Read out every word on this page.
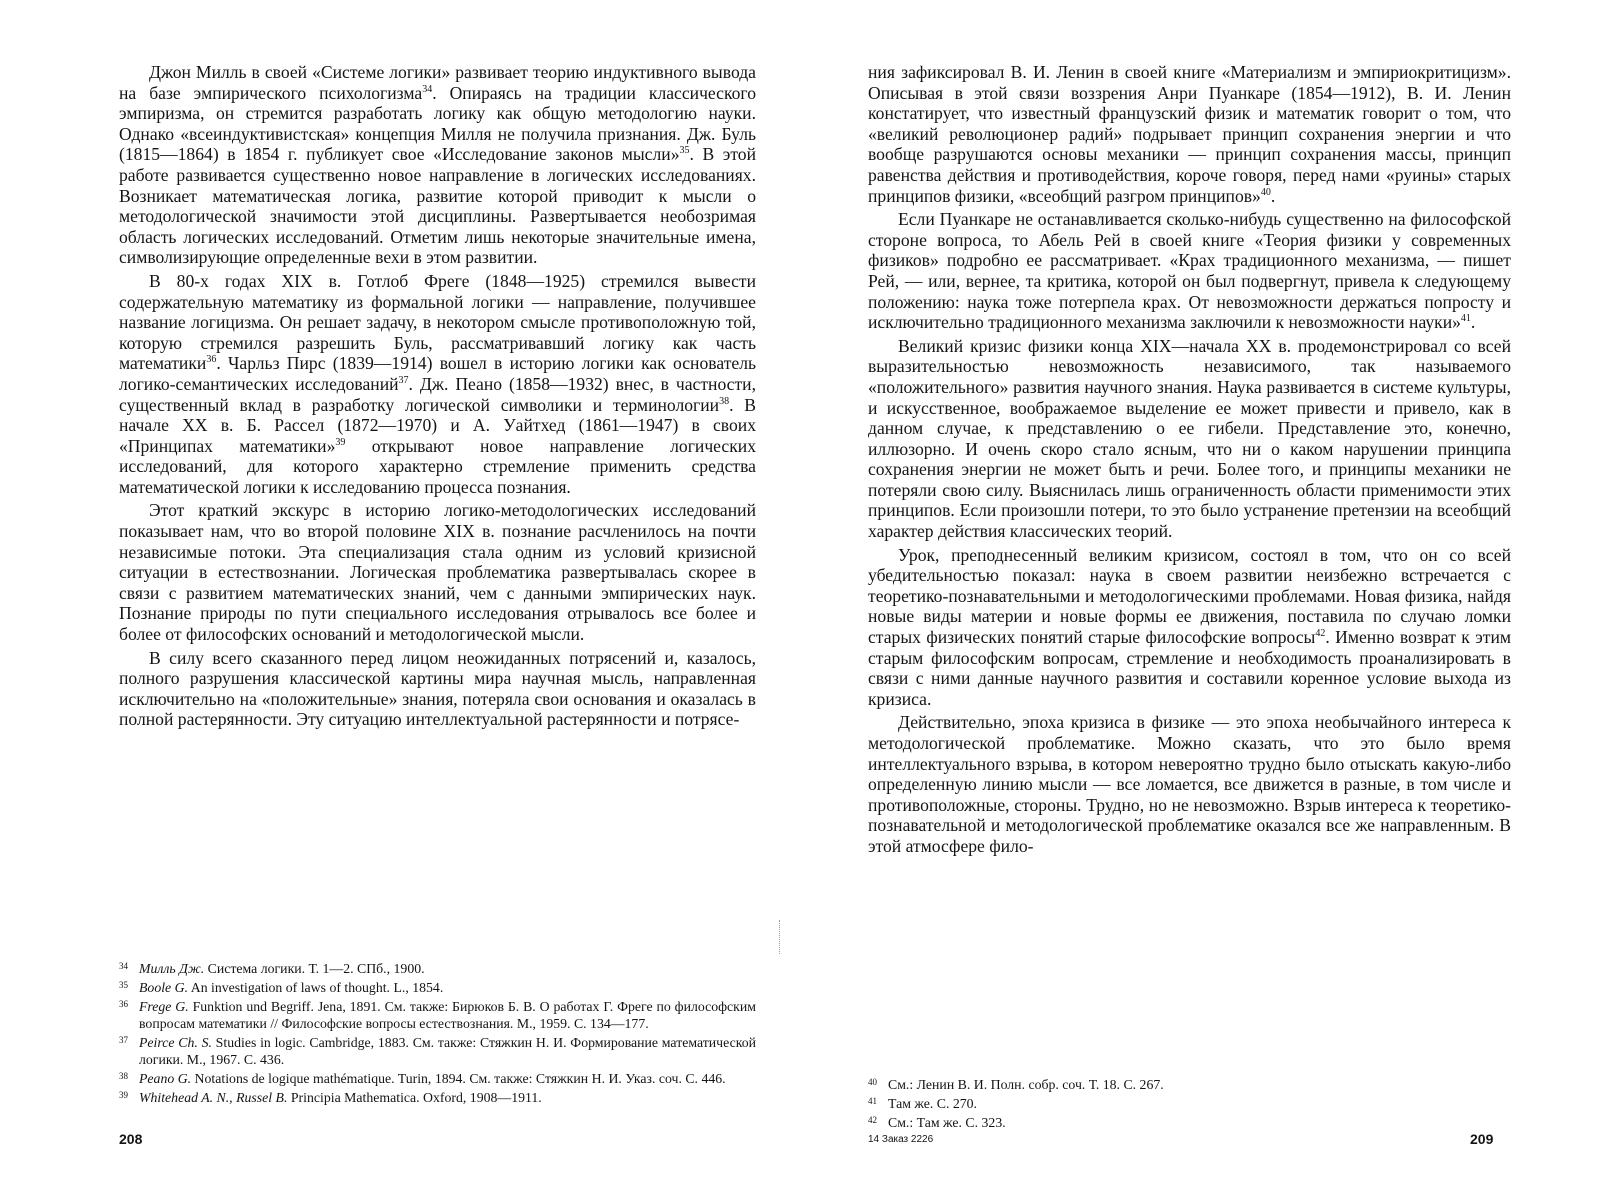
Джон Милль в своей «Системе логики» развивает теорию индуктивного вывода на базе эмпирического психологизма$^{34}$. Опираясь на традиции классического эмпиризма, он стремится разработать логику как общую методологию науки. Однако «всеиндуктивистская» концепция Милля не получила признания. Дж. Буль (1815—1864) в 1854 г. публикует свое «Исследование законов мысли»$^{35}$. В этой работе развивается существенно новое направление в логических исследованиях. Возникает математическая логика, развитие которой приводит к мысли о методологической значимости этой дисциплины. Развертывается необозримая область логических исследований. Отметим лишь некоторые значительные имена, символизирующие определенные вехи в этом развитии.

В 80-х годах XIX в. Готлоб Фреге (1848—1925) стремился вывести содержательную математику из формальной логики — направление, получившее название логицизма. Он решает задачу, в некотором смысле противоположную той, которую стремился разрешить Буль, рассматривавший логику как часть математики$^{36}$. Чарльз Пирс (1839—1914) вошел в историю логики как основатель логико-семантических исследований$^{37}$. Дж. Пеано (1858—1932) внес, в частности, существенный вклад в разработку логической символики и терминологии$^{38}$. В начале XX в. Б. Рассел (1872—1970) и А. Уайтхед (1861—1947) в своих «Принципах математики»$^{39}$ открывают новое направление логических исследований, для которого характерно стремление применить средства математической логики к исследованию процесса познания.

Этот краткий экскурс в историю логико-методологических исследований показывает нам, что во второй половине XIX в. познание расчленилось на почти независимые потоки. Эта специализация стала одним из условий кризисной ситуации в естествознании. Логическая проблематика развертывалась скорее в связи с развитием математических знаний, чем с данными эмпирических наук. Познание природы по пути специального исследования отрывалось все более и более от философских оснований и методологической мысли.

В силу всего сказанного перед лицом неожиданных потрясений и, казалось, полного разрушения классической картины мира научная мысль, направленная исключительно на «положительные» знания, потеряла свои основания и оказалась в полной растерянности. Эту ситуацию интеллектуальной растерянности и потрясе-

34 Милль Дж. Система логики. Т. 1—2. СПб., 1900.

35 Boole G. An investigation of laws of thought. L., 1854.

36 Frege G. Funktion und Begriff. Jena, 1891. См. также: Бирюков Б. В. О работах Г. Фреге по философским вопросам математики // Философские вопросы естествознания. М., 1959. С. 134—177.

37 Peirce Ch. S. Studies in logic. Cambridge, 1883. См. также: Стяжкин Н. И. Формирование математической логики. М., 1967. С. 436.

38 Peano G. Notations de logique mathématique. Turin, 1894. См. также: Стяжкин Н. И. Указ. соч. С. 446.

39 Whitehead A. N., Russel B. Principia Mathematica. Oxford, 1908—1911.

208

ния зафиксировал В. И. Ленин в своей книге «Материализм и эмпириокритицизм». Описывая в этой связи воззрения Анри Пуанкаре (1854—1912), В. И. Ленин констатирует, что известный французский физик и математик говорит о том, что «великий революционер радий» подрывает принцип сохранения энергии и что вообще разрушаются основы механики — принцип сохранения массы, принцип равенства действия и противодействия, короче говоря, перед нами «руины» старых принципов физики, «всеобщий разгром принципов»$^{40}$.

Если Пуанкаре не останавливается сколько-нибудь существенно на философской стороне вопроса, то Абель Рей в своей книге «Теория физики у современных физиков» подробно ее рассматривает. «Крах традиционного механизма, — пишет Рей, — или, вернее, та критика, которой он был подвергнут, привела к следующему положению: наука тоже потерпела крах. От невозможности держаться попросту и исключительно традиционного механизма заключили к невозможности науки»$^{41}$.

Великий кризис физики конца XIX—начала XX в. продемонстрировал со всей выразительностью невозможность независимого, так называемого «положительного» развития научного знания. Наука развивается в системе культуры, и искусственное, воображаемое выделение ее может привести и привело, как в данном случае, к представлению о ее гибели. Представление это, конечно, иллюзорно. И очень скоро стало ясным, что ни о каком нарушении принципа сохранения энергии не может быть и речи. Более того, и принципы механики не потеряли свою силу. Выяснилась лишь ограниченность области применимости этих принципов. Если произошли потери, то это было устранение претензии на всеобщий характер действия классических теорий.

Урок, преподнесенный великим кризисом, состоял в том, что он со всей убедительностью показал: наука в своем развитии неизбежно встречается с теоретико-познавательными и методологическими проблемами. Новая физика, найдя новые виды материи и новые формы ее движения, поставила по случаю ломки старых физических понятий старые философские вопросы$^{42}$. Именно возврат к этим старым философским вопросам, стремление и необходимость проанализировать в связи с ними данные научного развития и составили коренное условие выхода из кризиса.

Действительно, эпоха кризиса в физике — это эпоха необычайного интереса к методологической проблематике. Можно сказать, что это было время интеллектуального взрыва, в котором невероятно трудно было отыскать какую-либо определенную линию мысли — все ломается, все движется в разные, в том числе и противоположные, стороны. Трудно, но не невозможно. Взрыв интереса к теоретико-познавательной и методологической проблематике оказался все же направленным. В этой атмосфере фило-

40 См.: Ленин В. И. Полн. собр. соч. Т. 18. С. 267.

41 Там же. С. 270.

42 См.: Там же. С. 323.

14 Заказ 2226	209
